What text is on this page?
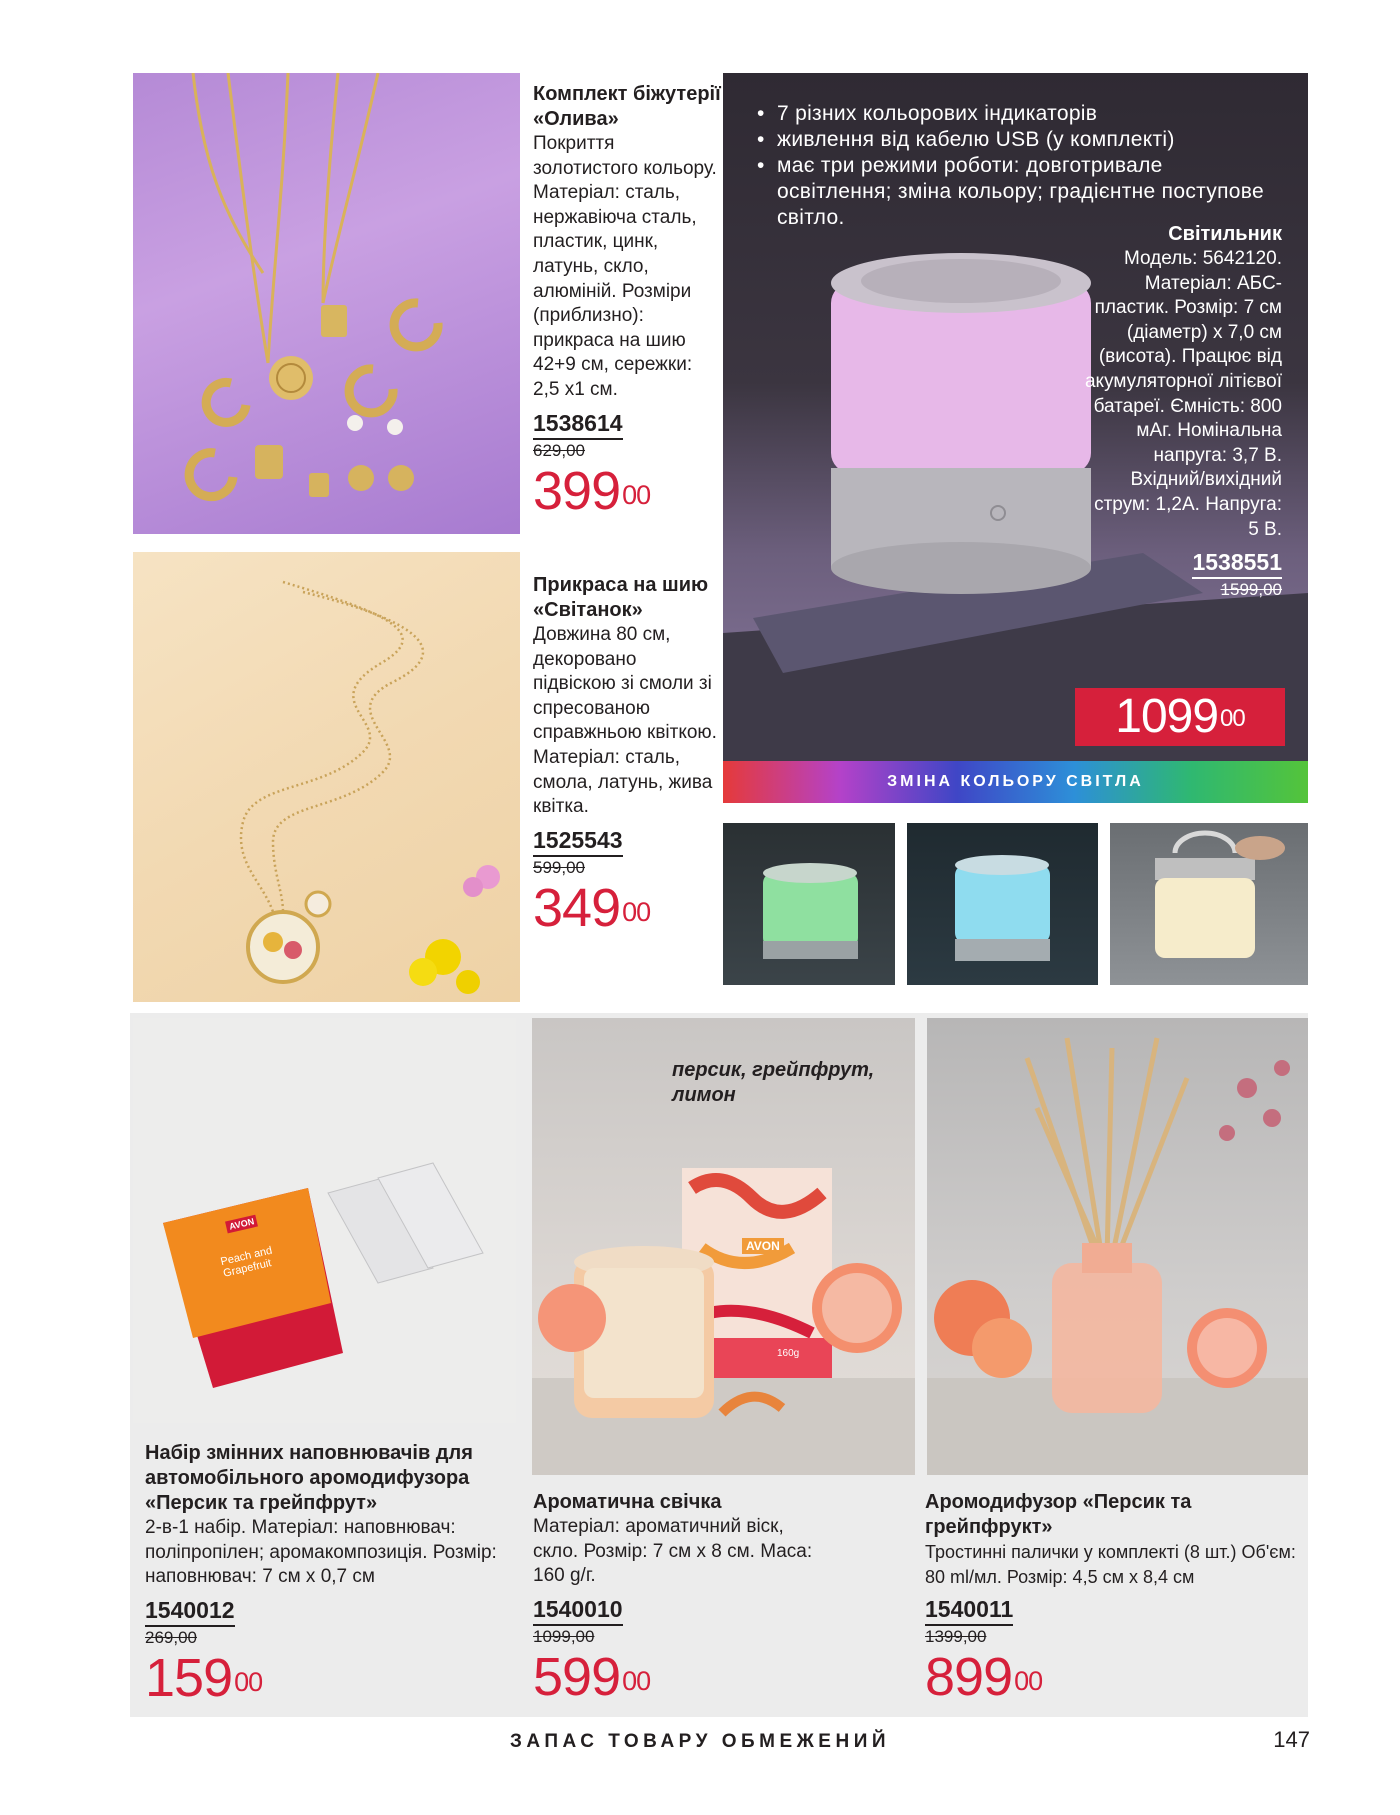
Комплект біжутерії «Олива»
Покриття золотистого кольору. Матеріал: сталь, нержавіюча сталь, пластик, цинк, латунь, скло, алюміній. Розміри (приблизно): прикраса на шию 42+9 см, сережки: 2,5 х1 см.
1538614
629,00
$399^{00}$
Прикраса на шию «Світанок»
Довжина 80 см, декоровано підвіскою зі смоли зі спресованою справжньою квіткою. Матеріал: сталь, смола, латунь, жива квітка.
1525543
599,00
$349^{00}$
• 7 різних кольорових індикаторів
• живлення від кабелю USB (у комплекті)
• має три режими роботи: довготривале освітлення; зміна кольору; градієнтне поступове світло.
Світильник
Модель: 5642120. Матеріал: АБС-пластик. Розмір: 7 см (діаметр) х 7,0 см (висота). Працює від акумуляторної літієвої батареї. Ємність: 800 мАг. Номінальна напруга: 3,7 В. Вхідний/вихідний струм: 1,2А. Напруга: 5 В.
1538551
1599,00
1099$^{00}$
ЗМІНА КОЛЬОРУ СВІТЛА
AVON
Peach and Grapefruit
AVON
160g
персик, грейпфрут, лимон
Набір змінних наповнювачів для автомобільного аромодифузора «Персик та грейпфрут»
2-в-1 набір. Матеріал: наповнювач: поліпропілен; аромакомпозиція. Розмір: наповнювач: 7 см х 0,7 см
1540012
269,00
$159^{00}$
Ароматична свічка
Матеріал: ароматичний віск, скло. Розмір: 7 см х 8 см. Маса: 160 g/г.
1540010
1099,00
$599^{00}$
Аромодифузор «Персик та грейпфрукт»
Тростинні палички у комплекті (8 шт.) Об'єм: 80 ml/мл. Розмір: 4,5 см х 8,4 см
1540011
1399,00
$899^{00}$
ЗАПАС ТОВАРУ ОБМЕЖЕНИЙ	147
